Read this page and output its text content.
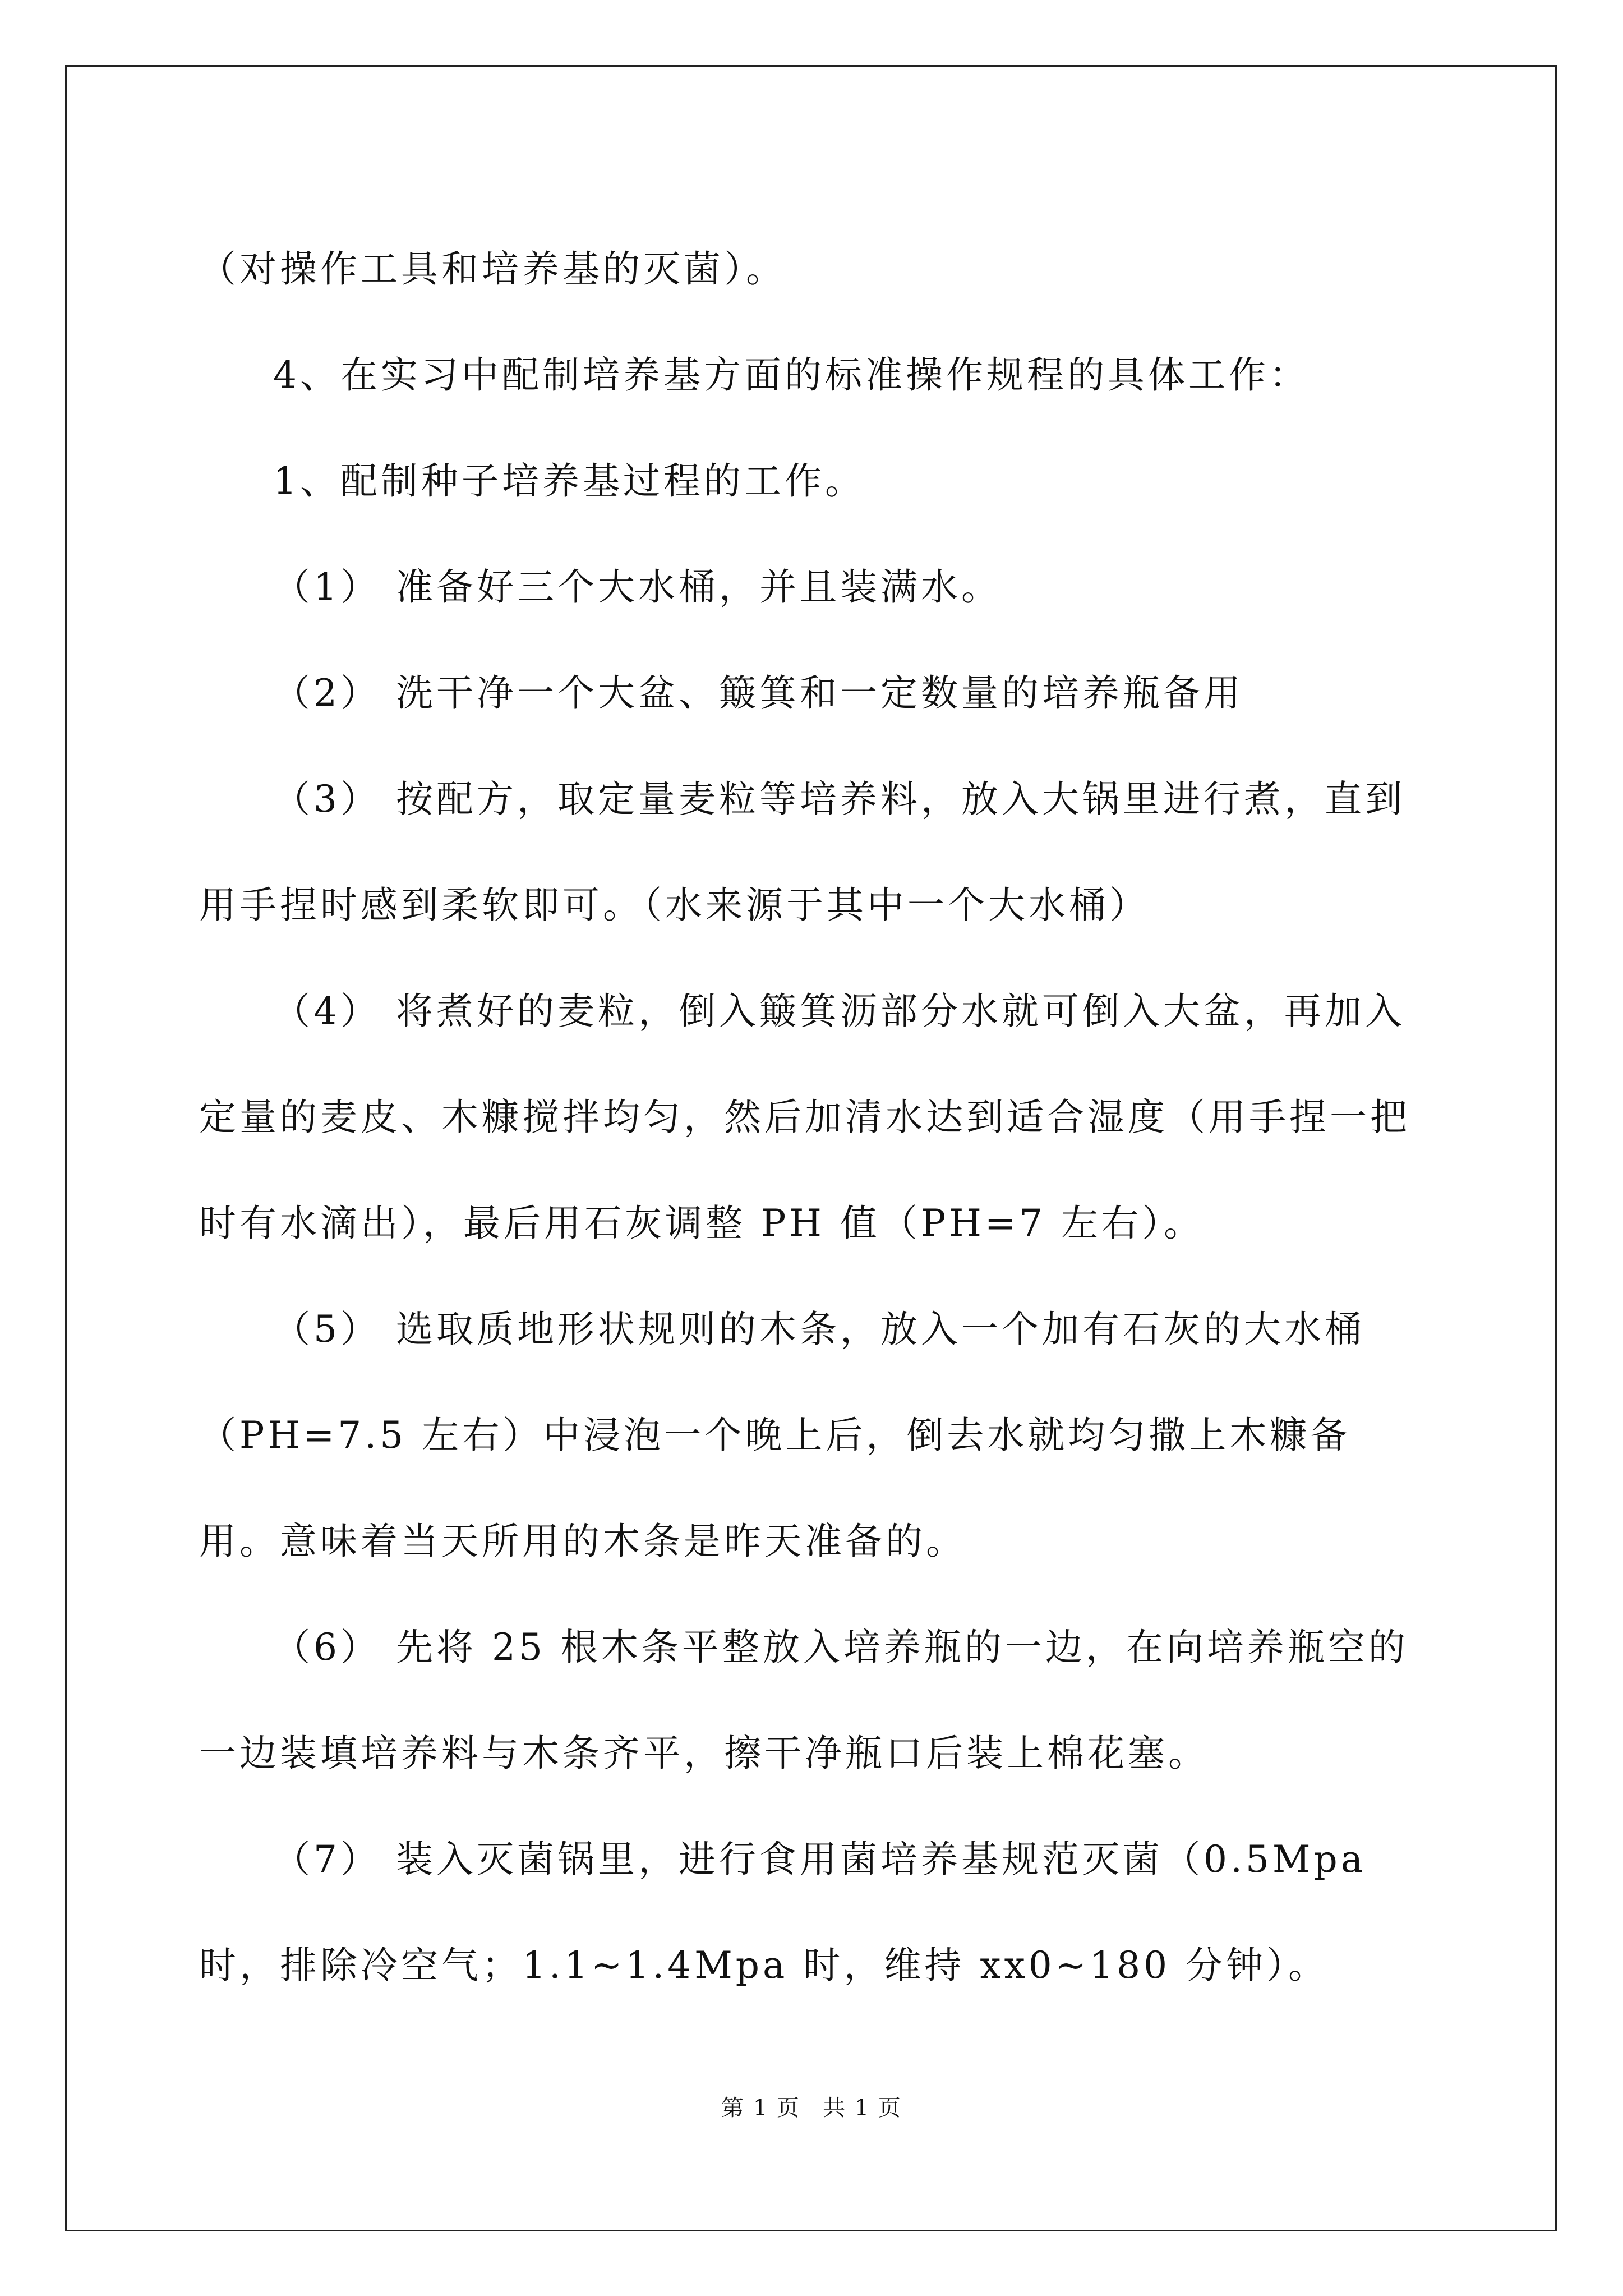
（对操作工具和培养基的灭菌）。

4、在实习中配制培养基方面的标准操作规程的具体工作：

1、配制种子培养基过程的工作。

（1） 准备好三个大水桶，并且装满水。

（2） 洗干净一个大盆、簸箕和一定数量的培养瓶备用

（3） 按配方，取定量麦粒等培养料，放入大锅里进行煮，直到用手捏时感到柔软即可。（水来源于其中一个大水桶）

（4） 将煮好的麦粒，倒入簸箕沥部分水就可倒入大盆，再加入定量的麦皮、木糠搅拌均匀，然后加清水达到适合湿度（用手捏一把时有水滴出），最后用石灰调整 PH 值（PH=7 左右）。

（5） 选取质地形状规则的木条，放入一个加有石灰的大水桶（PH=7.5 左右）中浸泡一个晚上后，倒去水就均匀撒上木糠备用。意味着当天所用的木条是昨天准备的。

（6） 先将 25 根木条平整放入培养瓶的一边，在向培养瓶空的一边装填培养料与木条齐平，擦干净瓶口后装上棉花塞。

（7） 装入灭菌锅里，进行食用菌培养基规范灭菌（0.5Mpa 时，排除冷空气；1.1~1.4Mpa 时，维持 xx0~180 分钟）。

第 1 页 共 1 页
